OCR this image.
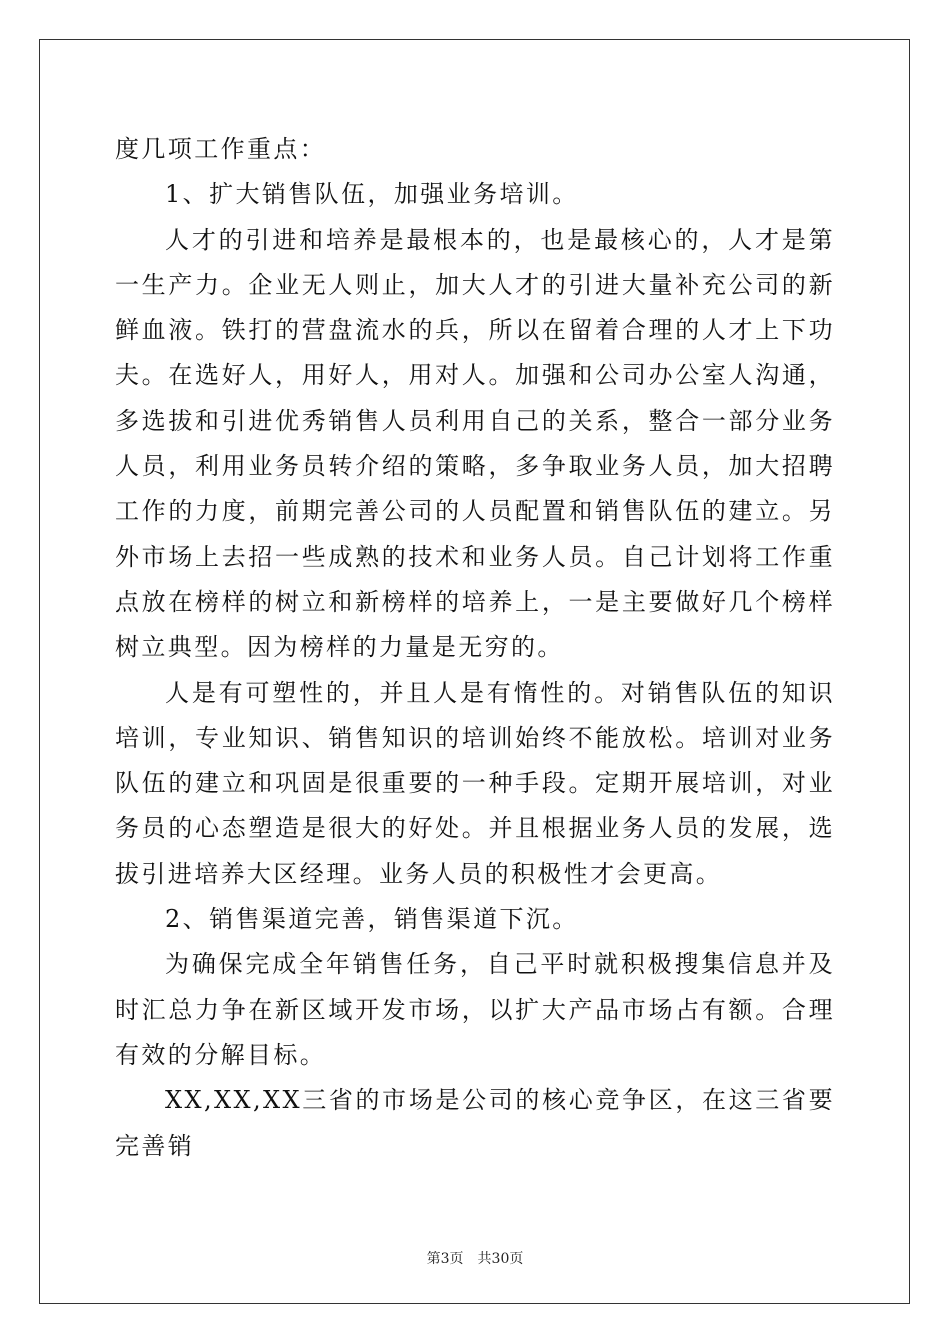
度几项工作重点：

1、扩大销售队伍，加强业务培训。

人才的引进和培养是最根本的，也是最核心的，人才是第一生产力。企业无人则止，加大人才的引进大量补充公司的新鲜血液。铁打的营盘流水的兵，所以在留着合理的人才上下功夫。在选好人，用好人，用对人。加强和公司办公室人沟通，多选拔和引进优秀销售人员利用自己的关系，整合一部分业务人员，利用业务员转介绍的策略，多争取业务人员，加大招聘工作的力度，前期完善公司的人员配置和销售队伍的建立。另外市场上去招一些成熟的技术和业务人员。自己计划将工作重点放在榜样的树立和新榜样的培养上，一是主要做好几个榜样树立典型。因为榜样的力量是无穷的。

人是有可塑性的，并且人是有惰性的。对销售队伍的知识培训，专业知识、销售知识的培训始终不能放松。培训对业务队伍的建立和巩固是很重要的一种手段。定期开展培训，对业务员的心态塑造是很大的好处。并且根据业务人员的发展，选拔引进培养大区经理。业务人员的积极性才会更高。

2、销售渠道完善，销售渠道下沉。

为确保完成全年销售任务，自己平时就积极搜集信息并及时汇总力争在新区域开发市场，以扩大产品市场占有额。合理有效的分解目标。

XX,XX,XX三省的市场是公司的核心竞争区，在这三省要完善销

第3页　共30页
